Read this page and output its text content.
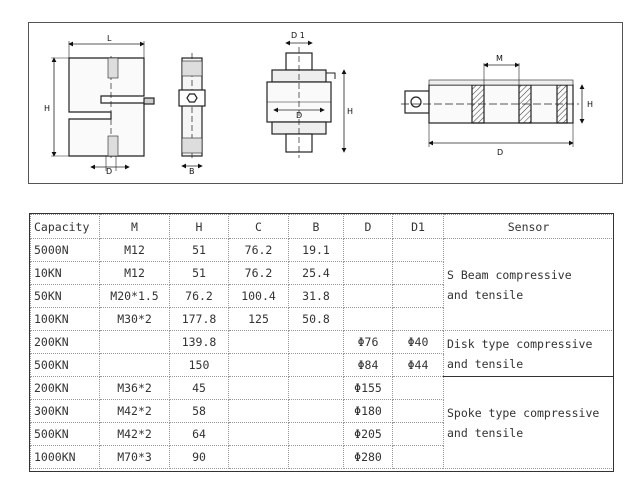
L
H
D	B
D 1
H
D
M
H
D
Capacity	M	H	C	B	D	D1	Sensor
5000N	M12	51	76.2	19.1			S Beam compressive
and tensile
10KN	M12	51	76.2	25.4			
50KN	M20*1.5	76.2	100.4	31.8			
100KN	M30*2	177.8	125	50.8			
200KN		139.8			Φ76	Φ40	Disk type compressive
and tensile
500KN		150			Φ84	Φ44	
200KN	M36*2	45			Φ155		Spoke type compressive
and tensile
300KN	M42*2	58			Φ180		
500KN	M42*2	64			Φ205		
1000KN	M70*3	90			Φ280		
